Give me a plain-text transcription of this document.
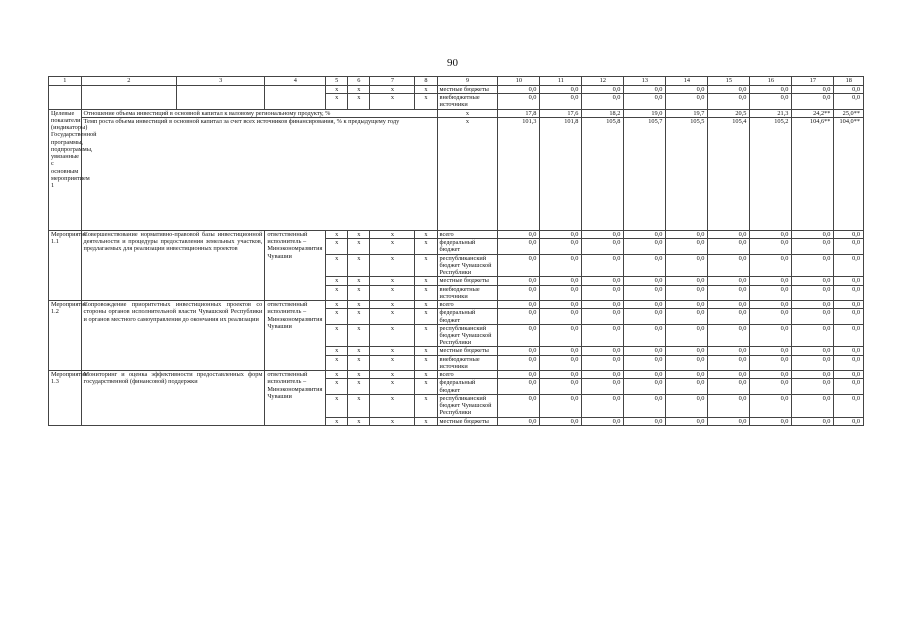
90
1	2	3	4	5	6	7	8	9	10	11	12	13	14	15	16	17	18
				x	x	x	x	местные бюджеты	0,0	0,0	0,0	0,0	0,0	0,0	0,0	0,0	0,0
				x	x	x	x	внебюджетные источники	0,0	0,0	0,0	0,0	0,0	0,0	0,0	0,0	0,0
Целевые показатели (индикаторы) Государственной программы, подпрограммы, увязанные с основным мероприятием 1	Отношение объема инвестиций в основной капитал к валовому региональному продукту, %							x	17,8	17,6	18,2	19,0	19,7	20,5	21,3	24,2**	25,0**
	Темп роста объема инвестиций в основной капитал за счет всех источников финансирования, % к предыдущему году							x	101,3	101,8	105,8	105,7	105,5	105,4	105,2	104,6**	104,0**
Мероприятие 1.1	Совершенствование нормативно-правовой базы инвестиционной деятельности и процедуры предоставления земельных участков, предлагаемых для реализации инвестиционных проектов		ответственный исполнитель – Минэкономразвития Чувашии	x	x	x	x	всего	0,0	0,0	0,0	0,0	0,0	0,0	0,0	0,0	0,0
				x	x	x	x	федеральный бюджет	0,0	0,0	0,0	0,0	0,0	0,0	0,0	0,0	0,0
				x	x	x	x	республиканский бюджет Чувашской Республики	0,0	0,0	0,0	0,0	0,0	0,0	0,0	0,0	0,0
				x	x	x	x	местные бюджеты	0,0	0,0	0,0	0,0	0,0	0,0	0,0	0,0	0,0
				x	x	x	x	внебюджетные источники	0,0	0,0	0,0	0,0	0,0	0,0	0,0	0,0	0,0
Мероприятие 1.2	Сопровождение приоритетных инвестиционных проектов со стороны органов исполнительной власти Чувашской Республики и органов местного самоуправления до окончания их реализации		ответственный исполнитель – Минэкономразвития Чувашии	x	x	x	x	всего	0,0	0,0	0,0	0,0	0,0	0,0	0,0	0,0	0,0
				x	x	x	x	федеральный бюджет	0,0	0,0	0,0	0,0	0,0	0,0	0,0	0,0	0,0
				x	x	x	x	республиканский бюджет Чувашской Республики	0,0	0,0	0,0	0,0	0,0	0,0	0,0	0,0	0,0
				x	x	x	x	местные бюджеты	0,0	0,0	0,0	0,0	0,0	0,0	0,0	0,0	0,0
				x	x	x	x	внебюджетные источники	0,0	0,0	0,0	0,0	0,0	0,0	0,0	0,0	0,0
Мероприятие 1.3	Мониторинг и оценка эффективности предоставленных форм государственной (финансовой) поддержки		ответственный исполнитель – Минэкономразвития Чувашии	x	x	x	x	всего	0,0	0,0	0,0	0,0	0,0	0,0	0,0	0,0	0,0
				x	x	x	x	федеральный бюджет	0,0	0,0	0,0	0,0	0,0	0,0	0,0	0,0	0,0
				x	x	x	x	республиканский бюджет Чувашской Республики	0,0	0,0	0,0	0,0	0,0	0,0	0,0	0,0	0,0
				x	x	x	x	местные бюджеты	0,0	0,0	0,0	0,0	0,0	0,0	0,0	0,0	0,0
